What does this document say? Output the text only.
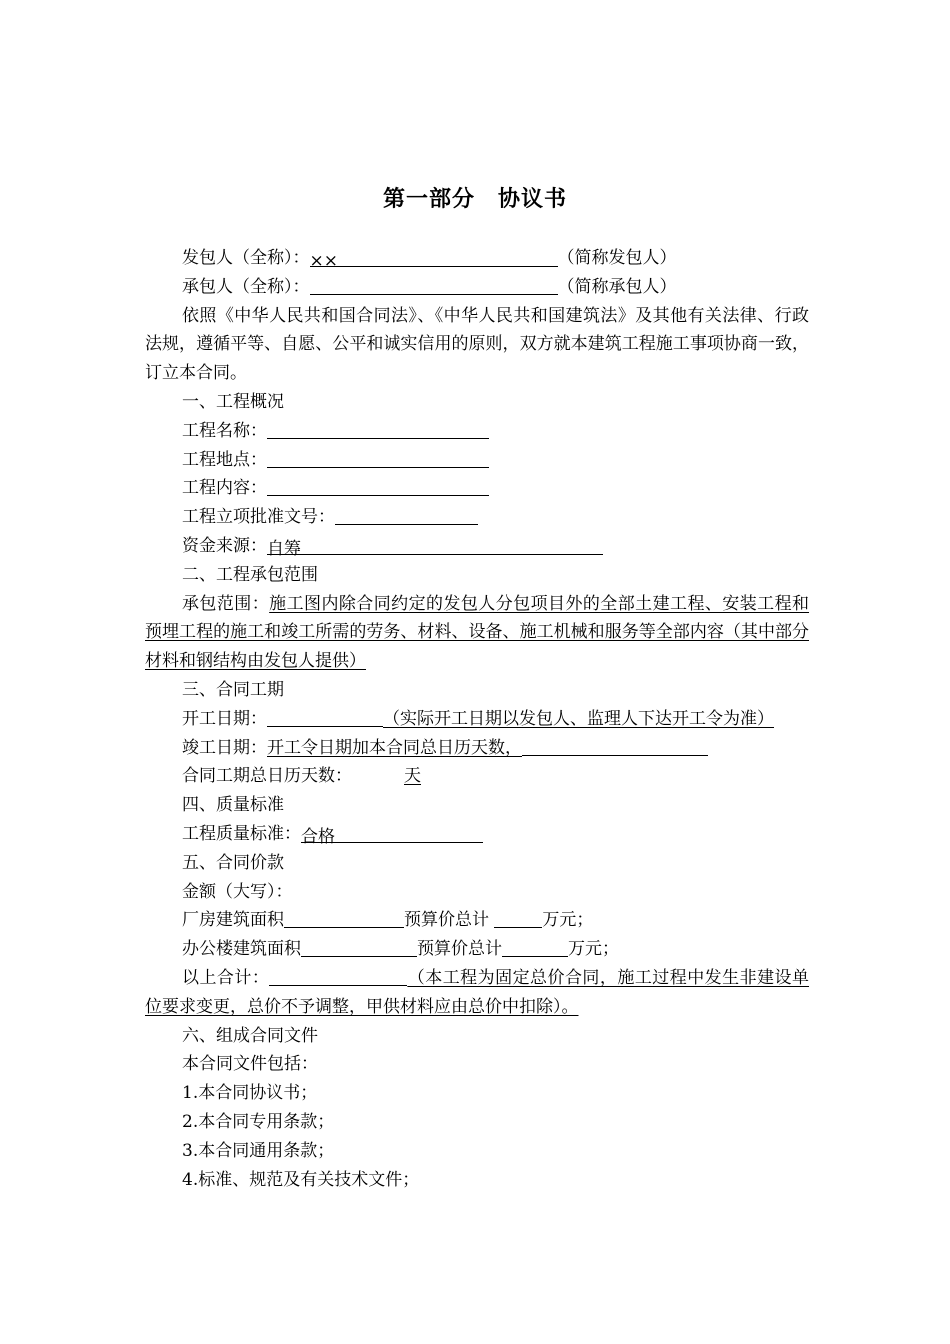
第一部分　协议书
发包人（全称）：××	（简称发包人）
承包人（全称）：	（简称承包人）
依照《中华人民共和国合同法》、《中华人民共和国建筑法》及其他有关法律、行政法规，遵循平等、自愿、公平和诚实信用的原则，双方就本建筑工程施工事项协商一致，订立本合同。
一、工程概况
工程名称：
工程地点：
工程内容：
工程立项批准文号：
资金来源：自筹
二、工程承包范围
承包范围：施工图内除合同约定的发包人分包项目外的全部土建工程、安装工程和预埋工程的施工和竣工所需的劳务、材料、设备、施工机械和服务等全部内容（其中部分材料和钢结构由发包人提供）
三、合同工期
开工日期：	（实际开工日期以发包人、监理人下达开工令为准）
竣工日期：开工令日期加本合同总日历天数，
合同工期总日历天数：	天
四、质量标准
工程质量标准：合格
五、合同价款
金额（大写）：
厂房建筑面积	预算价总计	万元；
办公楼建筑面积	预算价总计	万元；
以上合计：	（本工程为固定总价合同，施工过程中发生非建设单位要求变更，总价不予调整，甲供材料应由总价中扣除）。
六、组成合同文件
本合同文件包括：
1.本合同协议书；
2.本合同专用条款；
3.本合同通用条款；
4.标准、规范及有关技术文件；
